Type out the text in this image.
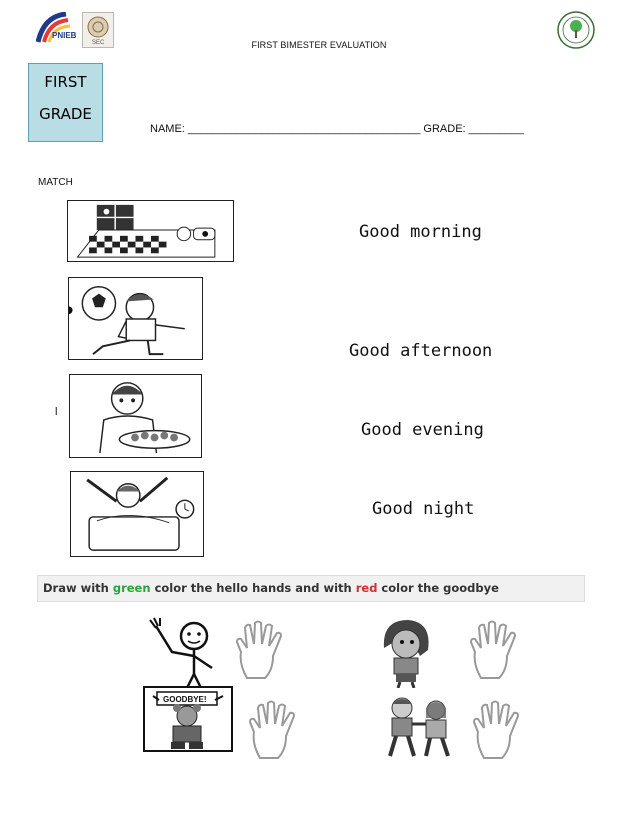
PNIEB
SEC	FIRST BIMESTER EVALUATION
FIRST
GRADE
NAME: ______________________________________ GRADE: _________
MATCH
l
Good morning
Good afternoon
Good evening
Good night
Draw with green color the hello hands and with red color the goodbye
GOODBYE!
